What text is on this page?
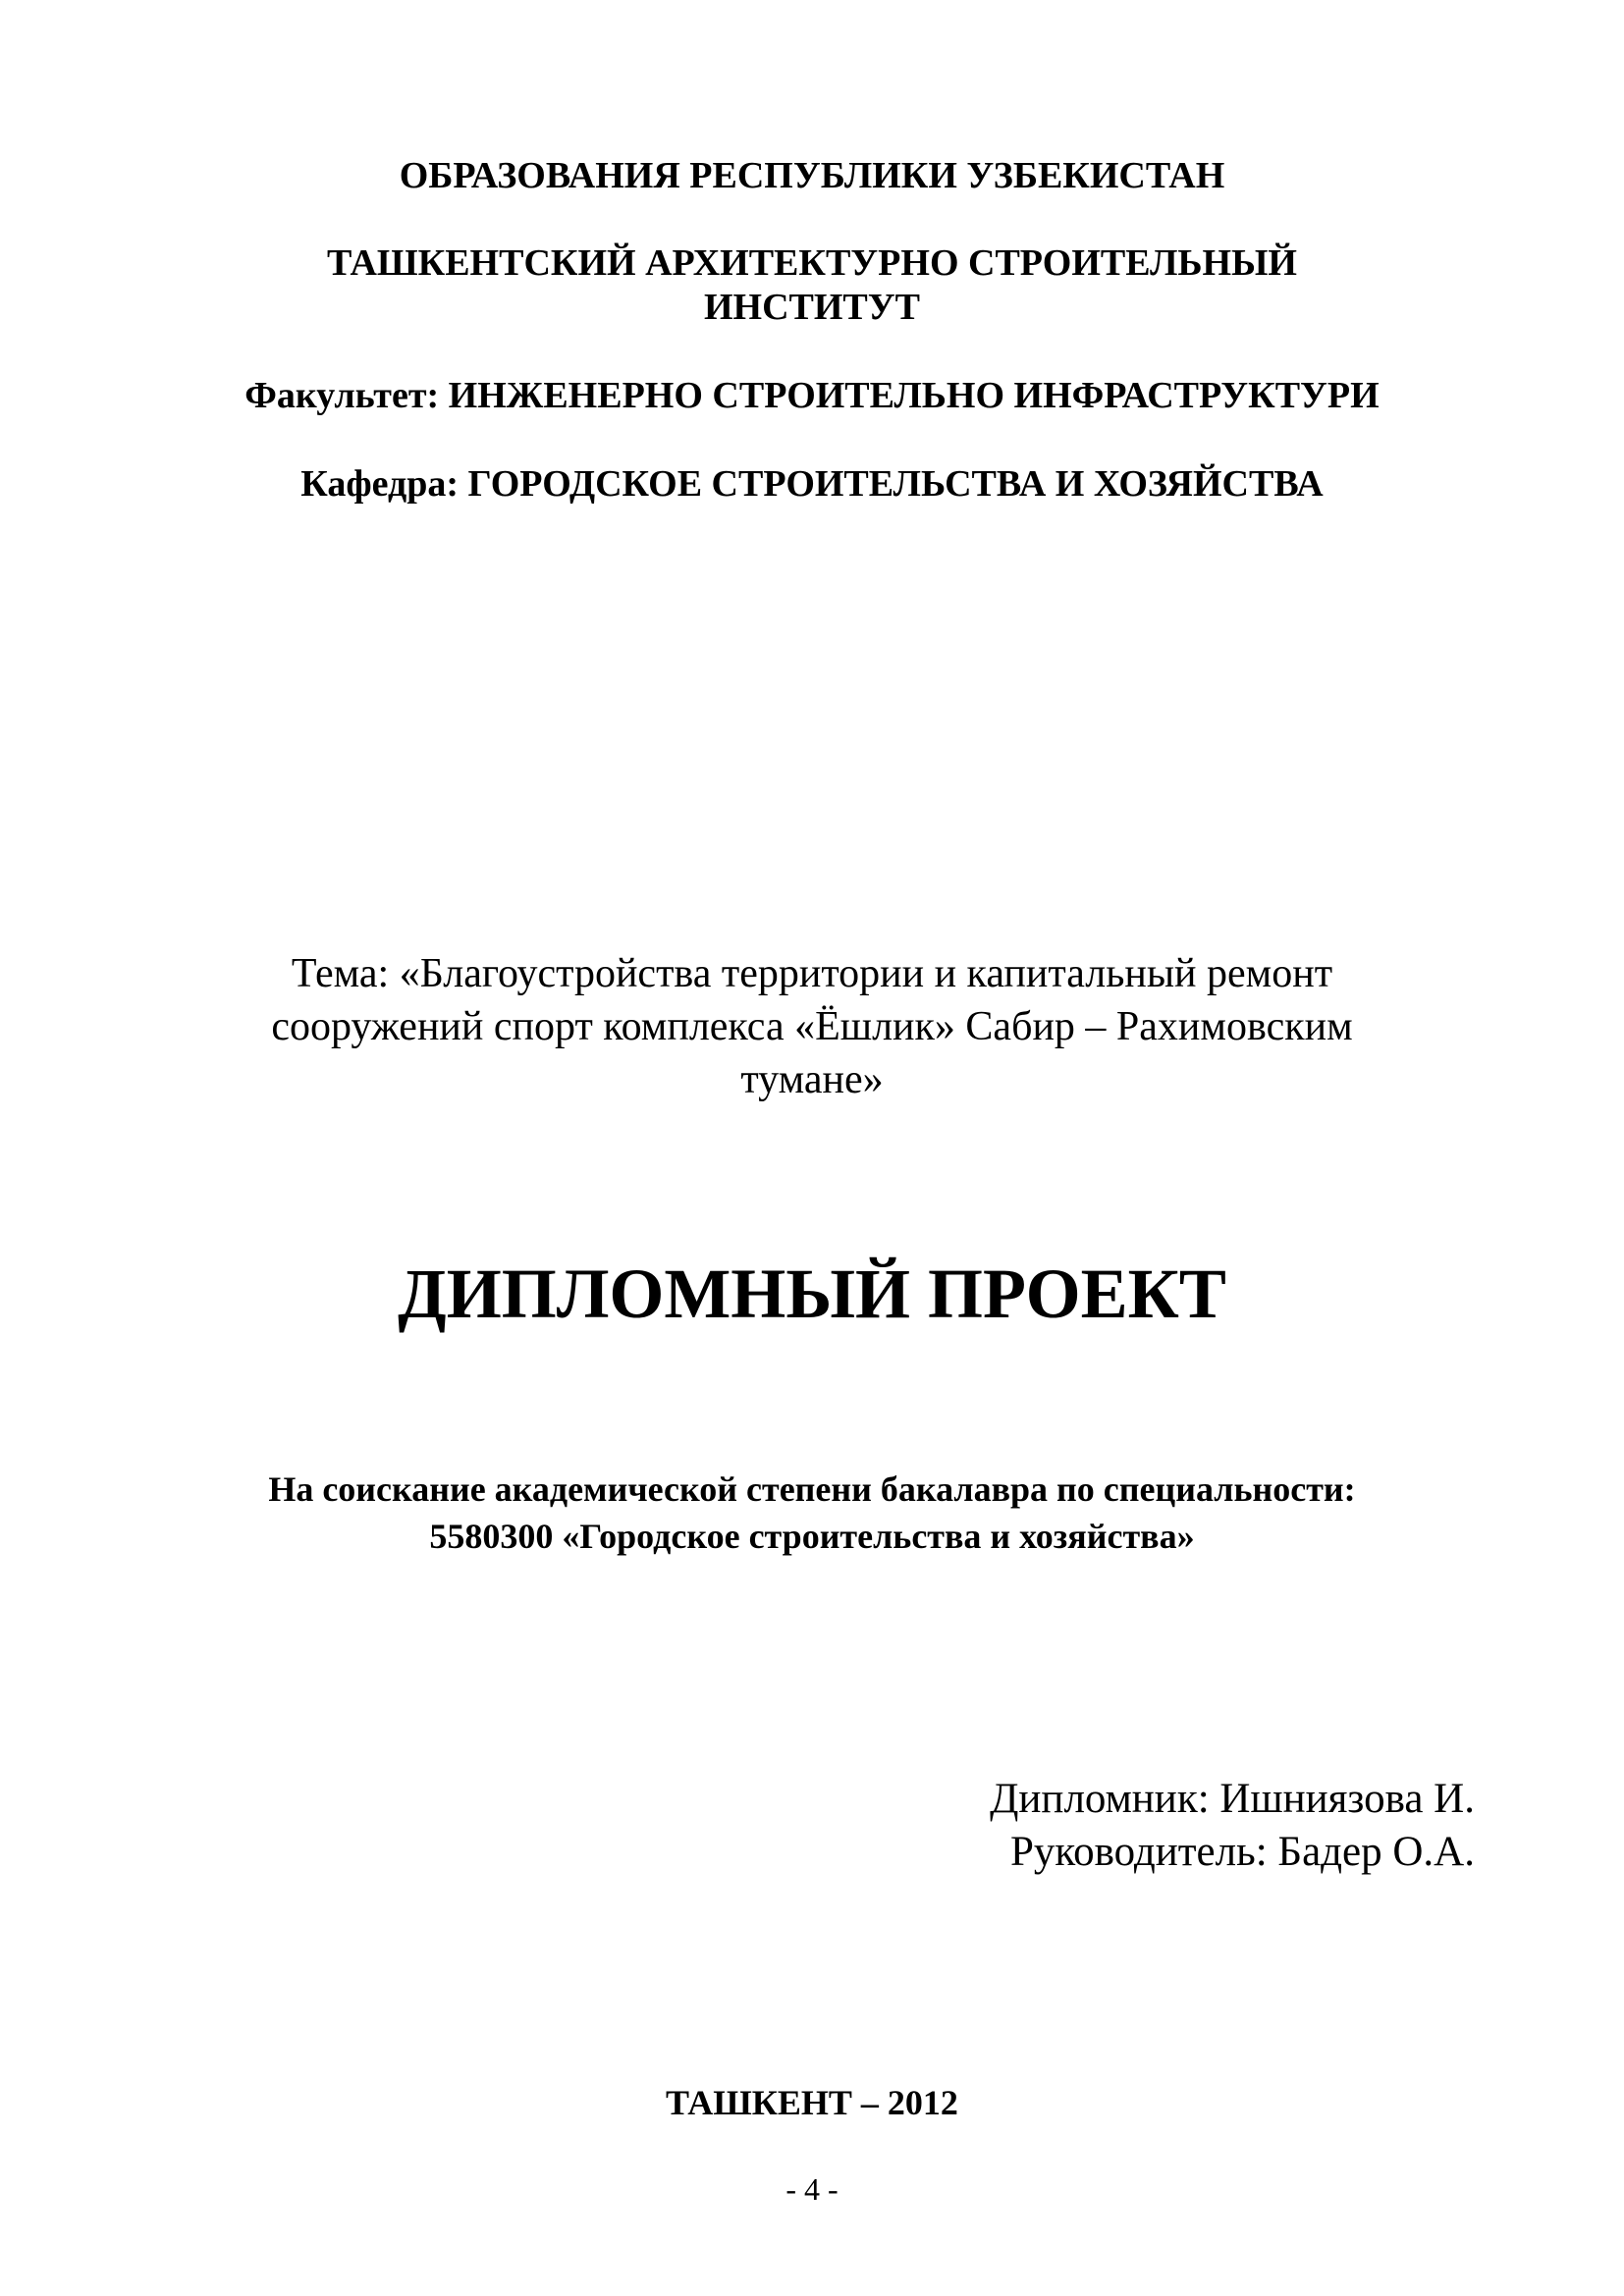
ОБРАЗОВАНИЯ РЕСПУБЛИКИ УЗБЕКИСТАН
ТАШКЕНТСКИЙ АРХИТЕКТУРНО СТРОИТЕЛЬНЫЙ
ИНСТИТУТ
Факультет: ИНЖЕНЕРНО СТРОИТЕЛЬНО ИНФРАСТРУКТУРИ
Кафедра: ГОРОДСКОЕ СТРОИТЕЛЬСТВА И ХОЗЯЙСТВА
Тема: «Благоустройства территории и капитальный ремонт
сооружений спорт комплекса «Ёшлик» Сабир – Рахимовским
тумане»
ДИПЛОМНЫЙ ПРОЕКТ
На соискание академической степени бакалавра по специальности:
5580300 «Городское строительства и хозяйства»
Дипломник: Ишниязова И.
Руководитель: Бадер О.А.
ТАШКЕНТ – 2012
- 4 -
